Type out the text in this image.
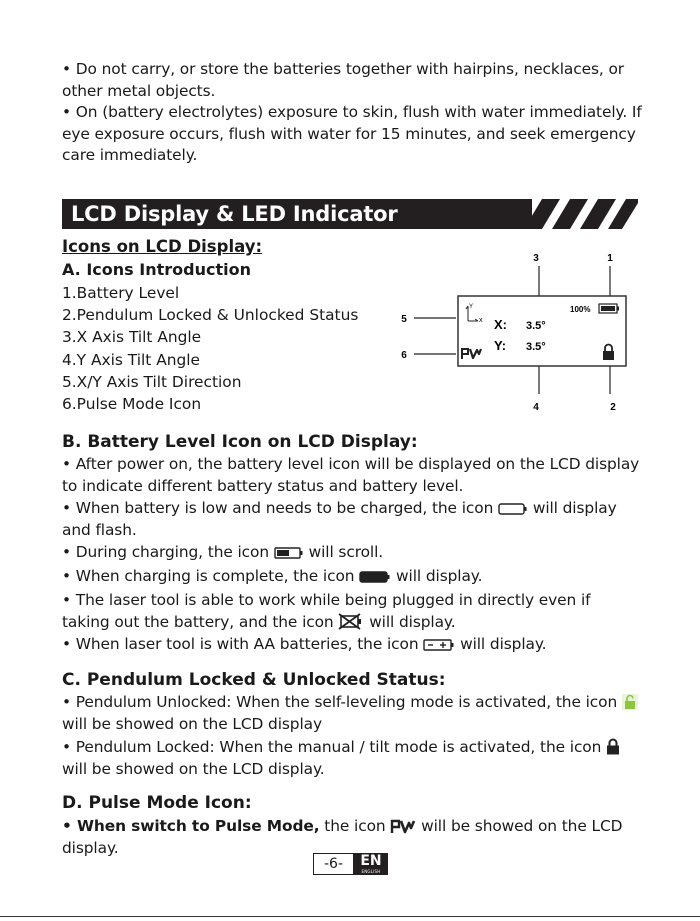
• Do not carry, or store the batteries together with hairpins, necklaces, or other metal objects.

• On (battery electrolytes) exposure to skin, flush with water immediately. If eye exposure occurs, flush with water for 15 minutes, and seek emergency care immediately.

LCD Display & LED Indicator
Icons on LCD Display:
A. Icons Introduction
1.Battery Level
2.Pendulum Locked & Unlocked Status
3.X Axis Tilt Angle
4.Y Axis Tilt Angle
5.X/Y Axis Tilt Direction
6.Pulse Mode Icon
3	1
5
6
4	2
Y
x X: 3.5°
Y: 3.5°
100%
B. Battery Level Icon on LCD Display:

• After power on, the battery level icon will be displayed on the LCD display to indicate different battery status and battery level.

• When battery is low and needs to be charged, the icon	will display and flash.

• During charging, the icon	will scroll.

• When charging is complete, the icon	will display.

• The laser tool is able to work while being plugged in directly even if taking out the battery, and the icon will display.

• When laser tool is with AA batteries, the icon	will display.

C. Pendulum Locked & Unlocked Status:

• Pendulum Unlocked: When the self-leveling mode is activated, the icon  will be showed on the LCD display

• Pendulum Locked: When the manual / tilt mode is activated, the icon  will be showed on the LCD display.

D. Pulse Mode Icon:

• When switch to Pulse Mode, the icon will be showed on the LCD display.

-6-	EN
ENGLISH
